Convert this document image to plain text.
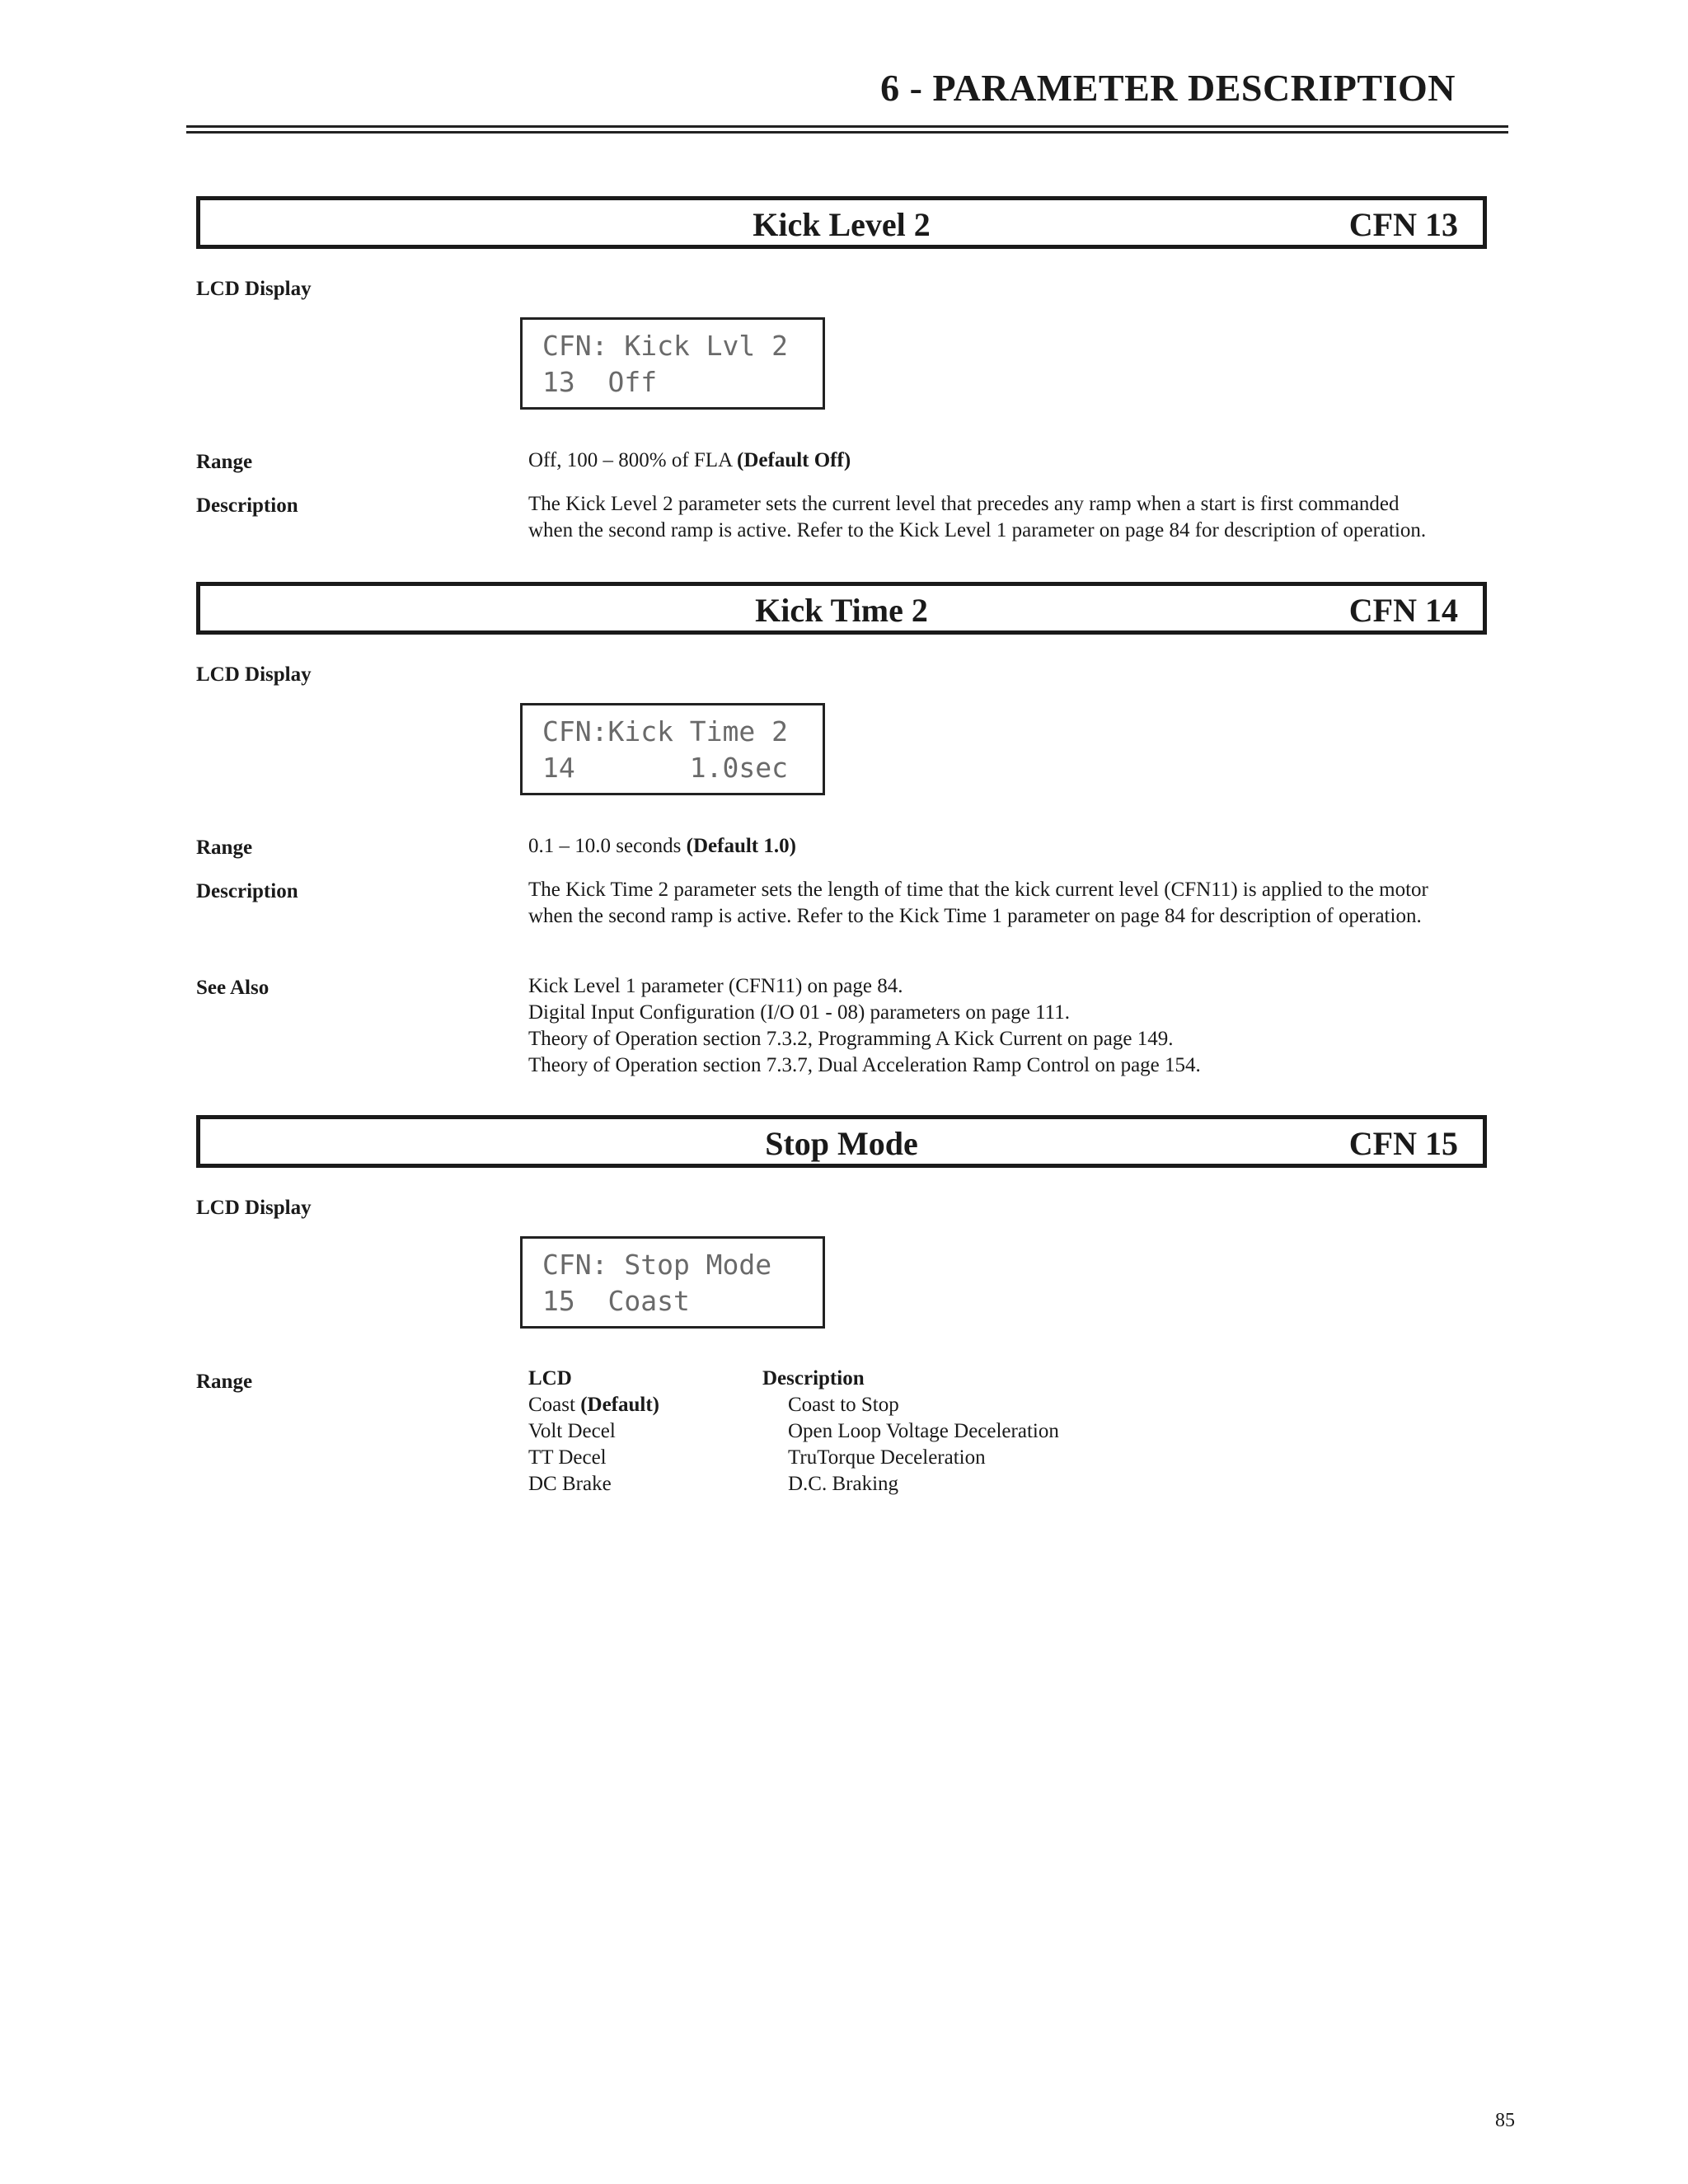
6 - PARAMETER DESCRIPTION
Kick Level 2	CFN 13
LCD Display
CFN: Kick Lvl 2
13  Off
Range	Off, 100 – 800% of FLA (Default Off)
Description	The Kick Level 2 parameter sets the current level that precedes any ramp when a start is first commanded
when the second ramp is active. Refer to the Kick Level 1 parameter on page 84 for description of operation.
Kick Time 2	CFN 14
LCD Display
CFN:Kick Time 2
14       1.0sec
Range	0.1 – 10.0 seconds (Default 1.0)
Description	The Kick Time 2 parameter sets the length of time that the kick current level (CFN11) is applied to the motor
when the second ramp is active. Refer to the Kick Time 1 parameter on page 84 for description of operation.
See Also	Kick Level 1 parameter (CFN11) on page 84.
Digital Input Configuration (I/O 01 - 08) parameters on page 111.
Theory of Operation section 7.3.2, Programming A Kick Current on page 149.
Theory of Operation section 7.3.7, Dual Acceleration Ramp Control on page 154.
Stop Mode	CFN 15
LCD Display
CFN: Stop Mode
15  Coast
Range	LCD	Description
Coast (Default)	Coast to Stop
Volt Decel	Open Loop Voltage Deceleration
TT Decel	TruTorque Deceleration
DC Brake	D.C. Braking
85
